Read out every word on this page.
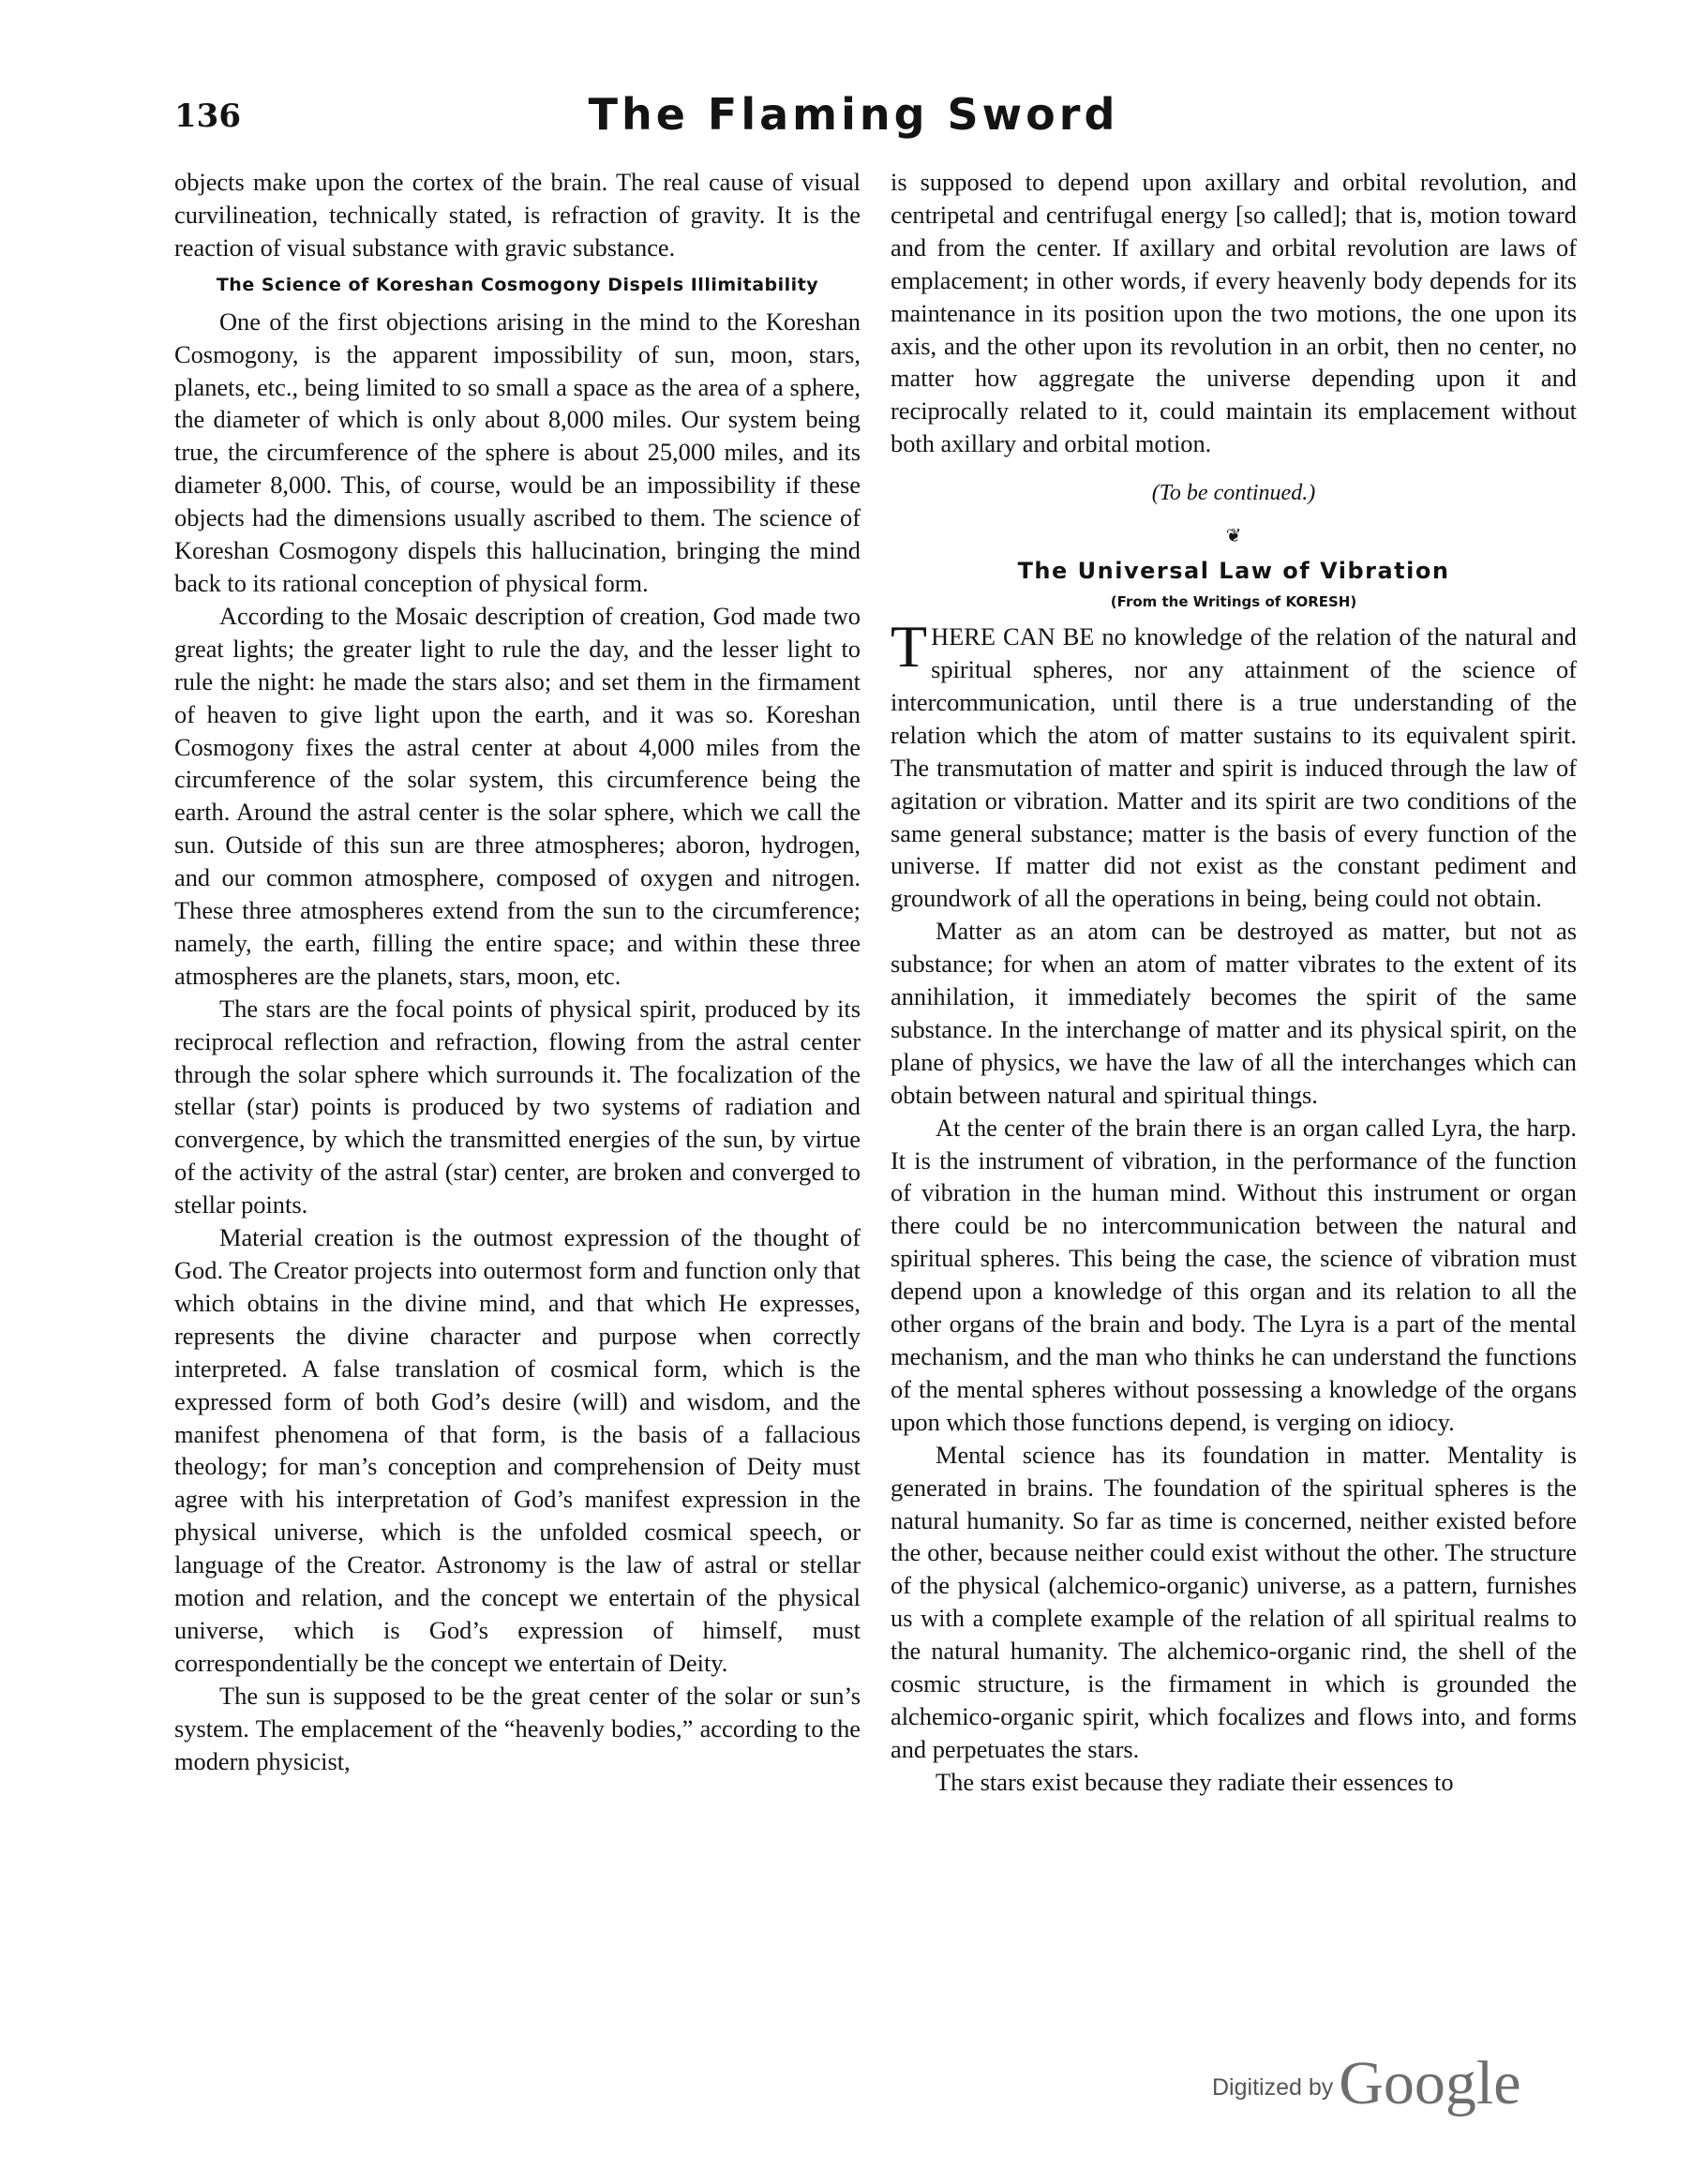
136	The Flaming Sword

objects make upon the cortex of the brain. The real cause of visual curvilineation, technically stated, is refraction of gravity. It is the reaction of visual substance with gravic substance.

The Science of Koreshan Cosmogony Dispels Illimitability

One of the first objections arising in the mind to the Koreshan Cosmogony, is the apparent impossibility of sun, moon, stars, planets, etc., being limited to so small a space as the area of a sphere, the diameter of which is only about 8,000 miles. Our system being true, the circumference of the sphere is about 25,000 miles, and its diameter 8,000. This, of course, would be an impossibility if these objects had the dimensions usually ascribed to them. The science of Koreshan Cosmogony dispels this hallucination, bringing the mind back to its rational conception of physical form.

According to the Mosaic description of creation, God made two great lights; the greater light to rule the day, and the lesser light to rule the night: he made the stars also; and set them in the firmament of heaven to give light upon the earth, and it was so. Koreshan Cosmogony fixes the astral center at about 4,000 miles from the circumference of the solar system, this circumference being the earth. Around the astral center is the solar sphere, which we call the sun. Outside of this sun are three atmospheres; aboron, hydrogen, and our common atmosphere, composed of oxygen and nitrogen. These three atmospheres extend from the sun to the circumference; namely, the earth, filling the entire space; and within these three atmospheres are the planets, stars, moon, etc.

The stars are the focal points of physical spirit, produced by its reciprocal reflection and refraction, flowing from the astral center through the solar sphere which surrounds it. The focalization of the stellar (star) points is produced by two systems of radiation and convergence, by which the transmitted energies of the sun, by virtue of the activity of the astral (star) center, are broken and converged to stellar points.

Material creation is the outmost expression of the thought of God. The Creator projects into outermost form and function only that which obtains in the divine mind, and that which He expresses, represents the divine character and purpose when correctly interpreted. A false translation of cosmical form, which is the expressed form of both God’s desire (will) and wisdom, and the manifest phenomena of that form, is the basis of a fallacious theology; for man’s conception and comprehension of Deity must agree with his interpretation of God’s manifest expression in the physical universe, which is the unfolded cosmical speech, or language of the Creator. Astronomy is the law of astral or stellar motion and relation, and the concept we entertain of the physical universe, which is God’s expression of himself, must correspondentially be the concept we entertain of Deity.

The sun is supposed to be the great center of the solar or sun’s system. The emplacement of the “heavenly bodies,” according to the modern physicist,

is supposed to depend upon axillary and orbital revolution, and centripetal and centrifugal energy [so called]; that is, motion toward and from the center. If axillary and orbital revolution are laws of emplacement; in other words, if every heavenly body depends for its maintenance in its position upon the two motions, the one upon its axis, and the other upon its revolution in an orbit, then no center, no matter how aggregate the universe depending upon it and reciprocally related to it, could maintain its emplacement without both axillary and orbital motion.

(To be continued.)
❦
The Universal Law of Vibration
(From the Writings of KORESH)

THERE CAN BE no knowledge of the relation of the natural and spiritual spheres, nor any attainment of the science of intercommunication, until there is a true understanding of the relation which the atom of matter sustains to its equivalent spirit. The transmutation of matter and spirit is induced through the law of agitation or vibration. Matter and its spirit are two conditions of the same general substance; matter is the basis of every function of the universe. If matter did not exist as the constant pediment and groundwork of all the operations in being, being could not obtain.

Matter as an atom can be destroyed as matter, but not as substance; for when an atom of matter vibrates to the extent of its annihilation, it immediately becomes the spirit of the same substance. In the interchange of matter and its physical spirit, on the plane of physics, we have the law of all the interchanges which can obtain between natural and spiritual things.

At the center of the brain there is an organ called Lyra, the harp. It is the instrument of vibration, in the performance of the function of vibration in the human mind. Without this instrument or organ there could be no intercommunication between the natural and spiritual spheres. This being the case, the science of vibration must depend upon a knowledge of this organ and its relation to all the other organs of the brain and body. The Lyra is a part of the mental mechanism, and the man who thinks he can understand the functions of the mental spheres without possessing a knowledge of the organs upon which those functions depend, is verging on idiocy.

Mental science has its foundation in matter. Mentality is generated in brains. The foundation of the spiritual spheres is the natural humanity. So far as time is concerned, neither existed before the other, because neither could exist without the other. The structure of the physical (alchemico-organic) universe, as a pattern, furnishes us with a complete example of the relation of all spiritual realms to the natural humanity. The alchemico-organic rind, the shell of the cosmic structure, is the firmament in which is grounded the alchemico-organic spirit, which focalizes and flows into, and forms and perpetuates the stars.

The stars exist because they radiate their essences to

Digitized by Google
